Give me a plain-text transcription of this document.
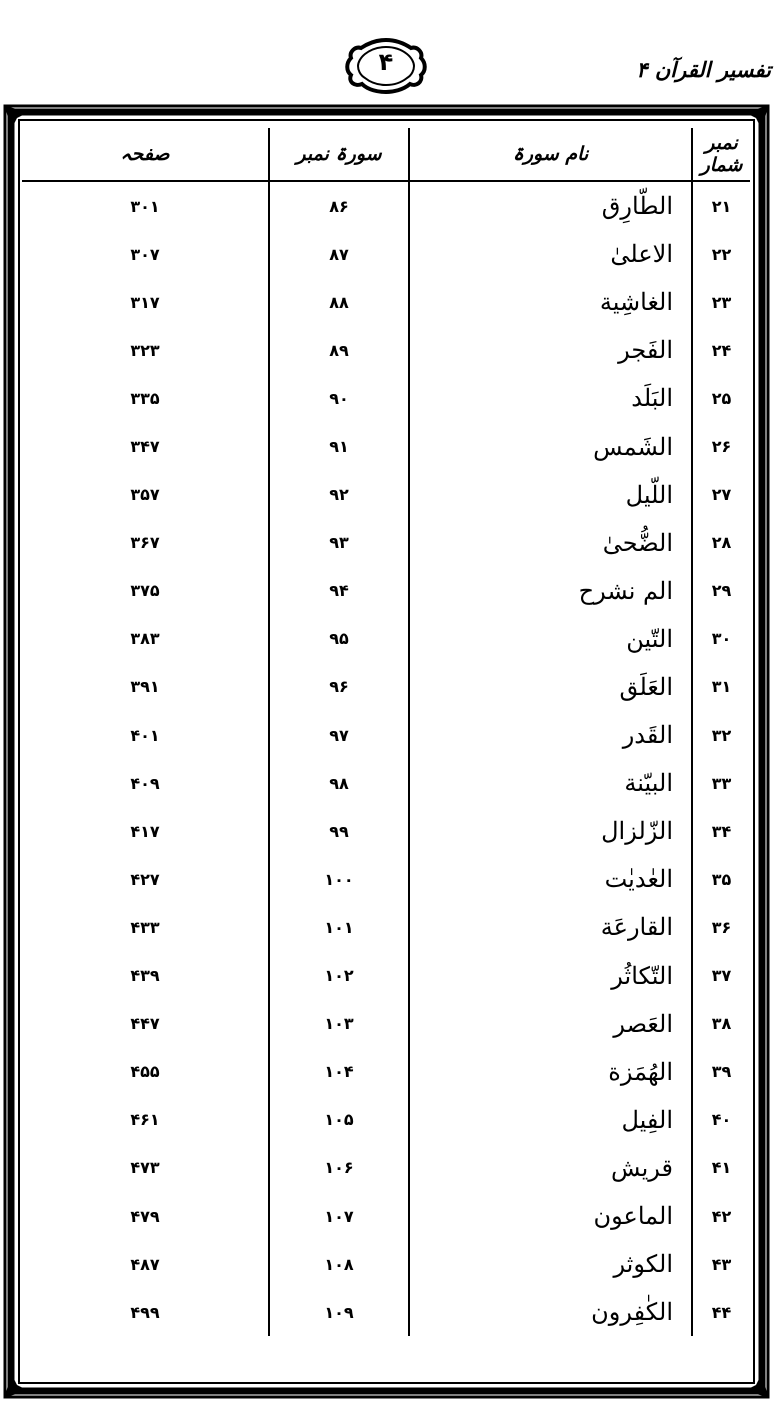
۴	تفسیر القرآن ۴
نمبر شمار	نام سورۃ	سورۃ نمبر	صفحہ
۲۱	الطّارِق	۸۶	۳۰۱
۲۲	الاعلیٰ	۸۷	۳۰۷
۲۳	الغاشِیة	۸۸	۳۱۷
۲۴	الفَجر	۸۹	۳۲۳
۲۵	البَلَد	۹۰	۳۳۵
۲۶	الشَمس	۹۱	۳۴۷
۲۷	اللّیل	۹۲	۳۵۷
۲۸	الضُّحیٰ	۹۳	۳۶۷
۲۹	الم نشرح	۹۴	۳۷۵
۳۰	التّین	۹۵	۳۸۳
۳۱	العَلَق	۹۶	۳۹۱
۳۲	القَدر	۹۷	۴۰۱
۳۳	البیّنة	۹۸	۴۰۹
۳۴	الزّلزال	۹۹	۴۱۷
۳۵	العٰدیٰت	۱۰۰	۴۲۷
۳۶	القارعَة	۱۰۱	۴۳۳
۳۷	التّکاثُر	۱۰۲	۴۳۹
۳۸	العَصر	۱۰۳	۴۴۷
۳۹	الهُمَزة	۱۰۴	۴۵۵
۴۰	الفِیل	۱۰۵	۴۶۱
۴۱	قریش	۱۰۶	۴۷۳
۴۲	الماعون	۱۰۷	۴۷۹
۴۳	الکوثر	۱۰۸	۴۸۷
۴۴	الکٰفِرون	۱۰۹	۴۹۹
